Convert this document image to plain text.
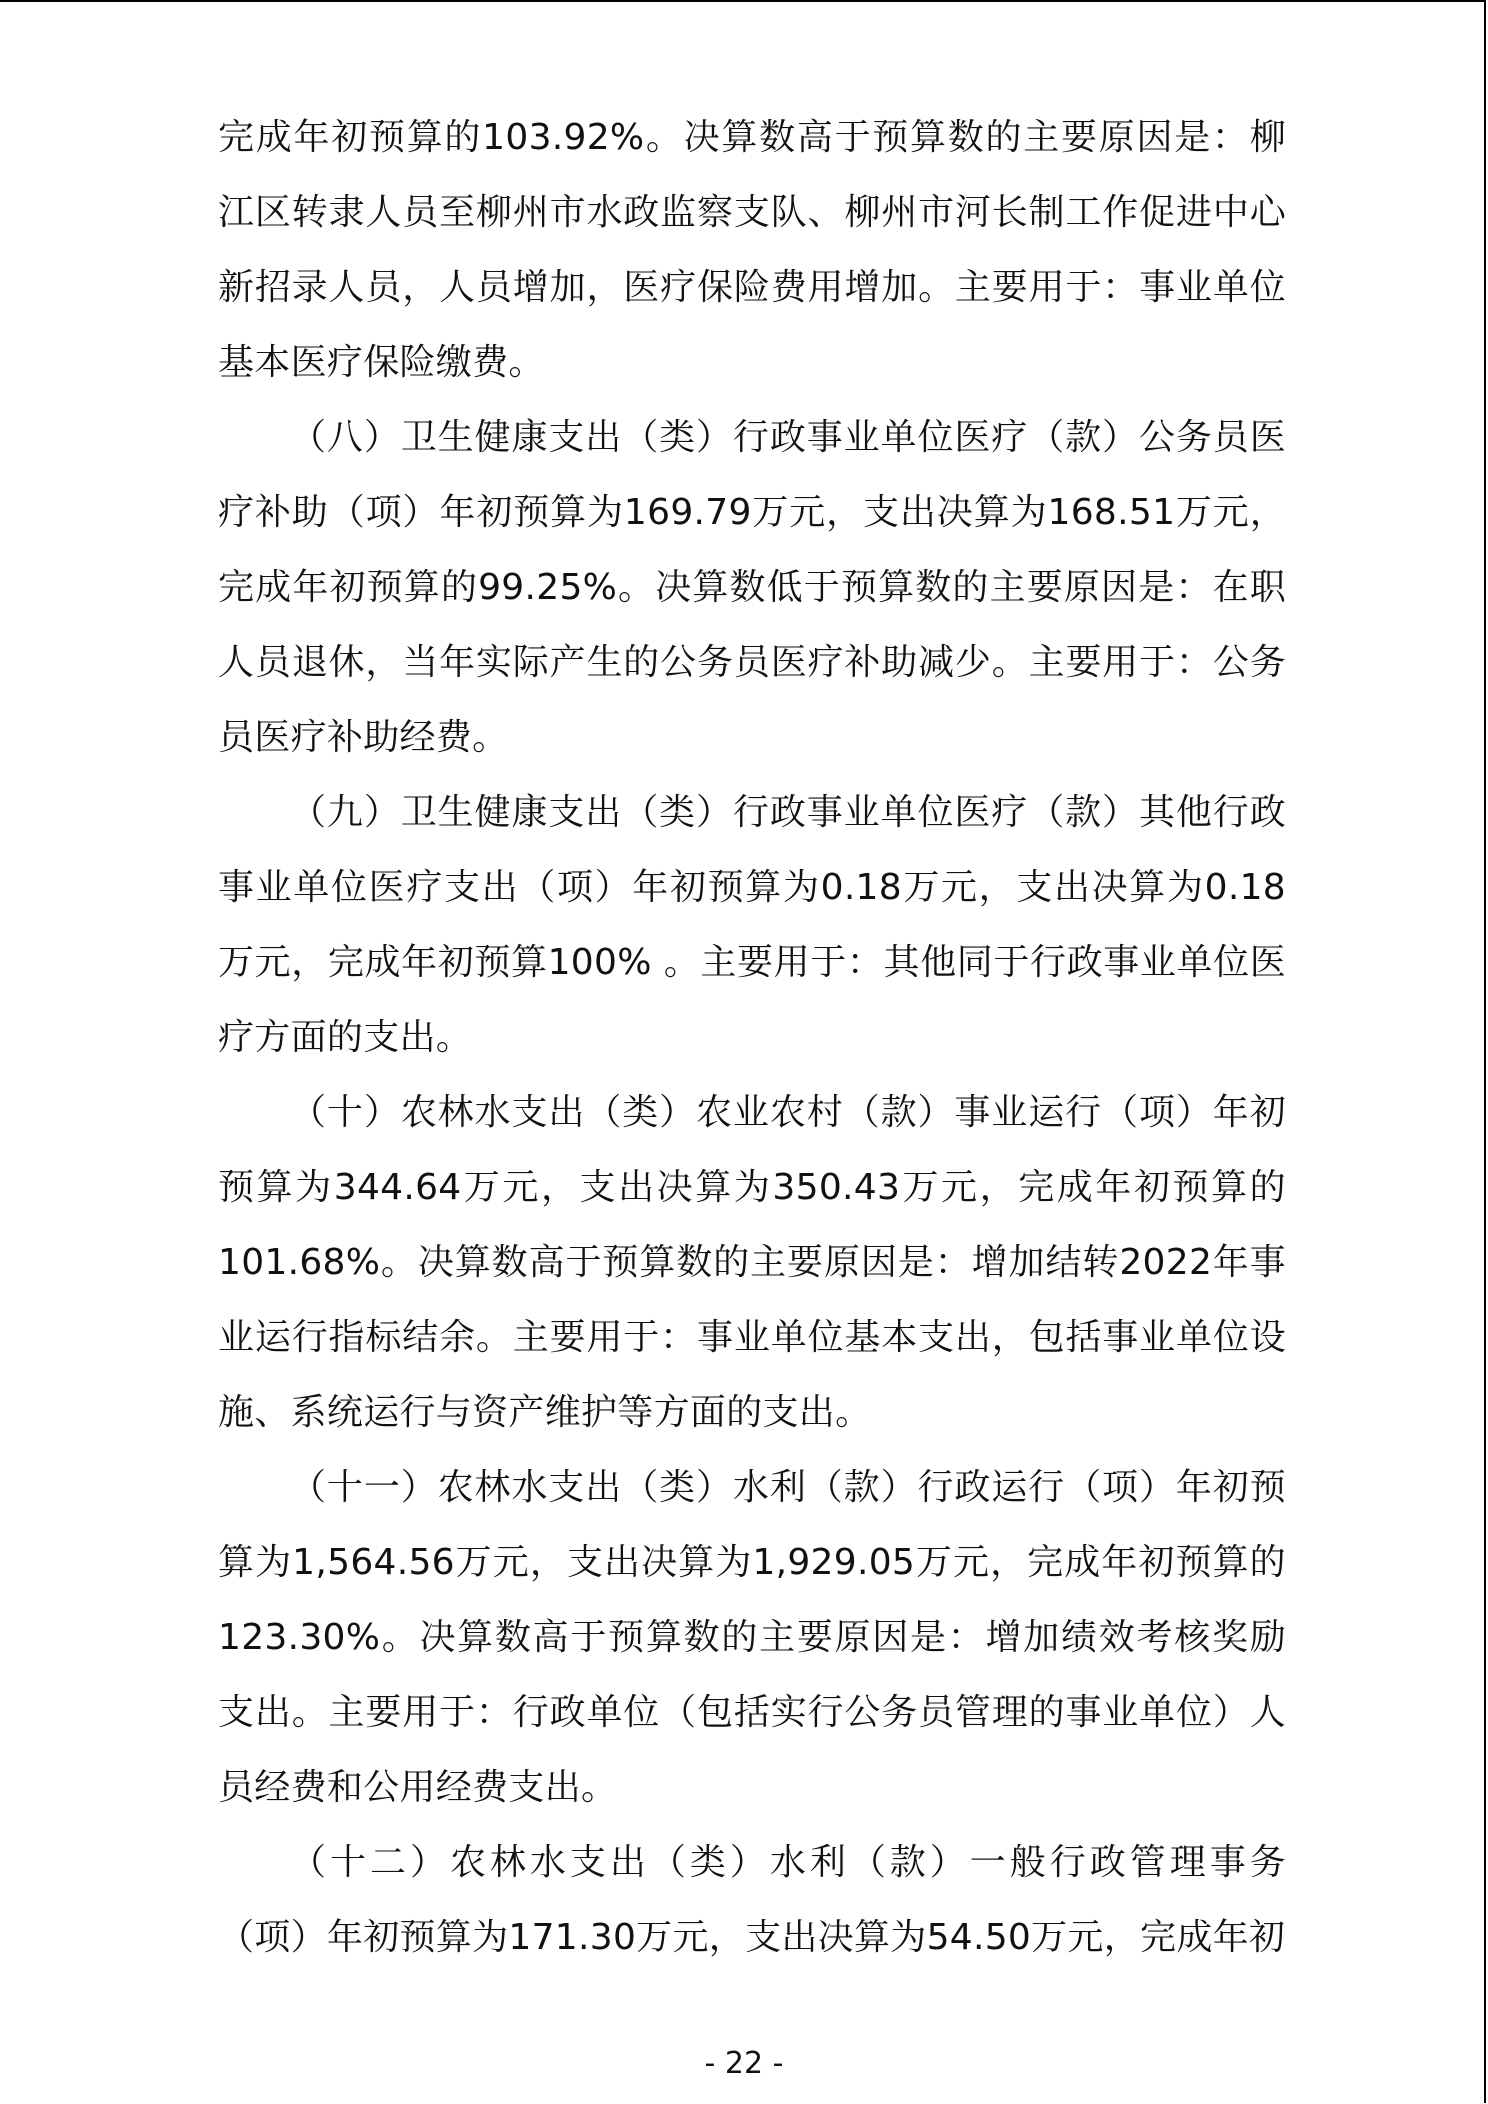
完成年初预算的103.92%。决算数高于预算数的主要原因是：柳江区转隶人员至柳州市水政监察支队、柳州市河长制工作促进中心新招录人员，人员增加，医疗保险费用增加。主要用于：事业单位基本医疗保险缴费。

（八）卫生健康支出（类）行政事业单位医疗（款）公务员医疗补助（项）年初预算为169.79万元，支出决算为168.51万元，完成年初预算的99.25%。决算数低于预算数的主要原因是：在职人员退休，当年实际产生的公务员医疗补助减少。主要用于：公务员医疗补助经费。

（九）卫生健康支出（类）行政事业单位医疗（款）其他行政事业单位医疗支出（项）年初预算为0.18万元，支出决算为0.18万元，完成年初预算100% 。主要用于：其他同于行政事业单位医疗方面的支出。

（十）农林水支出（类）农业农村（款）事业运行（项）年初预算为344.64万元，支出决算为350.43万元，完成年初预算的101.68%。决算数高于预算数的主要原因是：增加结转2022年事业运行指标结余。主要用于：事业单位基本支出，包括事业单位设施、系统运行与资产维护等方面的支出。

（十一）农林水支出（类）水利（款）行政运行（项）年初预算为1,564.56万元，支出决算为1,929.05万元，完成年初预算的123.30%。决算数高于预算数的主要原因是：增加绩效考核奖励支出。主要用于：行政单位（包括实行公务员管理的事业单位）人员经费和公用经费支出。

（十二）农林水支出（类）水利（款）一般行政管理事务（项）年初预算为171.30万元，支出决算为54.50万元，完成年初

- 22 -
